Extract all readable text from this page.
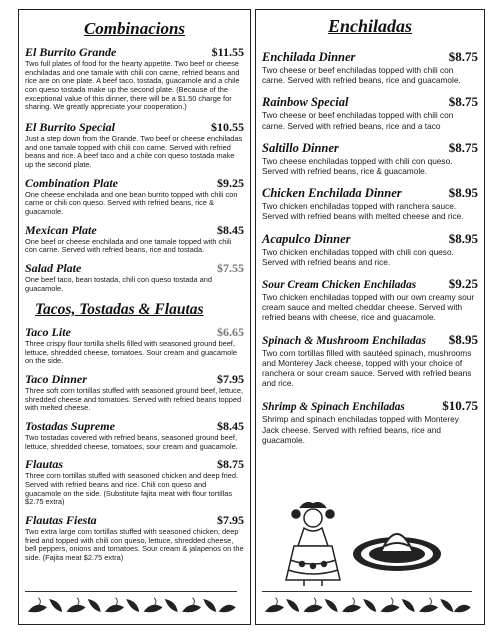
Combinacions
El Burrito Grande	$11.55
Two full plates of food for the hearty appetite. Two beef or cheese enchiladas and one tamale with chili con carne, refried beans and rice are on one plate. A beef taco, tostada, guacamole and a chile con queso tostada make up the second plate. (Because of the exceptional value of this dinner, there will be a $1.50 charge for sharing. We greatly appreciate your cooperation.)
El Burrito Special	$10.55
Just a step down from the Grande. Two beef or cheese enchiladas and one tamale topped with chili con carne. Served with refried beans and rice. A beef taco and a chile con queso tostada make up the second plate.
Combination Plate	$9.25
One cheese enchilada and one bean burrito topped with chili con carne or chili con queso. Served with refried beans, rice & guacamole.
Mexican Plate	$8.45
One beef or cheese enchilada and one tamale topped with chili con carne. Served with refried beans, rice and tostada.
Salad Plate	$7.55
One beef taco, bean tostada, chili con queso tostada and guacamole.
Tacos, Tostadas & Flautas
Taco Lite	$6.65
Three crispy flour tortilla shells filled with seasoned ground beef, lettuce, shredded cheese, tomatoes. Sour cream and guacamole on the side.
Taco Dinner	$7.95
Three soft corn tortillas stuffed with seasoned ground beef, lettuce, shredded cheese and tomatoes. Served with refried beans topped with melted cheese.
Tostadas Supreme	$8.45
Two tostadas covered with refried beans, seasoned ground beef, lettuce, shredded cheese, tomatoes, sour cream and guacamole.
Flautas	$8.75
Three corn tortillas stuffed with seasoned chicken and deep fried. Served with refried beans and rice. Chili con queso and guacamole on the side. (Substitute fajita meat with flour tortillas $2.75 extra)
Flautas Fiesta	$7.95
Two extra large corn tortillas stuffed with seasoned chicken, deep fried and topped with chili con queso, lettuce, shredded cheese, bell peppers, onions and tomatoes. Sour cream & jalapenos on the side. (Fajita meat $2.75 extra)
Enchiladas
Enchilada Dinner	$8.75
Two cheese or beef enchiladas topped with chili con carne. Served with refried beans, rice and guacamole.
Rainbow Special	$8.75
Two cheese or beef enchiladas topped with chili con carne. Served with refried beans, rice and a taco
Saltillo Dinner	$8.75
Two cheese enchiladas topped with chili con queso. Served with refried beans, rice & guacamole.
Chicken Enchilada Dinner	$8.95
Two chicken enchiladas topped with ranchera sauce. Served with refried beans with melted cheese and rice.
Acapulco Dinner	$8.95
Two chicken enchiladas topped with chili con queso. Served with refried beans and rice.
Sour Cream Chicken Enchiladas	$9.25
Two chicken enchiladas topped with our own creamy sour cream sauce and melted cheddar cheese. Served with refried beans with cheese, rice and guacamole.
Spinach & Mushroom Enchiladas $8.95
Two corn tortillas filled with sautéed spinach, mushrooms and Monterey Jack cheese, topped with your choice of ranchera or sour cream sauce. Served with refried beans and rice.
Shrimp & Spinach Enchiladas	$10.75
Shrimp and spinach enchiladas topped with Monterey Jack cheese. Served with refried beans, rice and guacamole.
